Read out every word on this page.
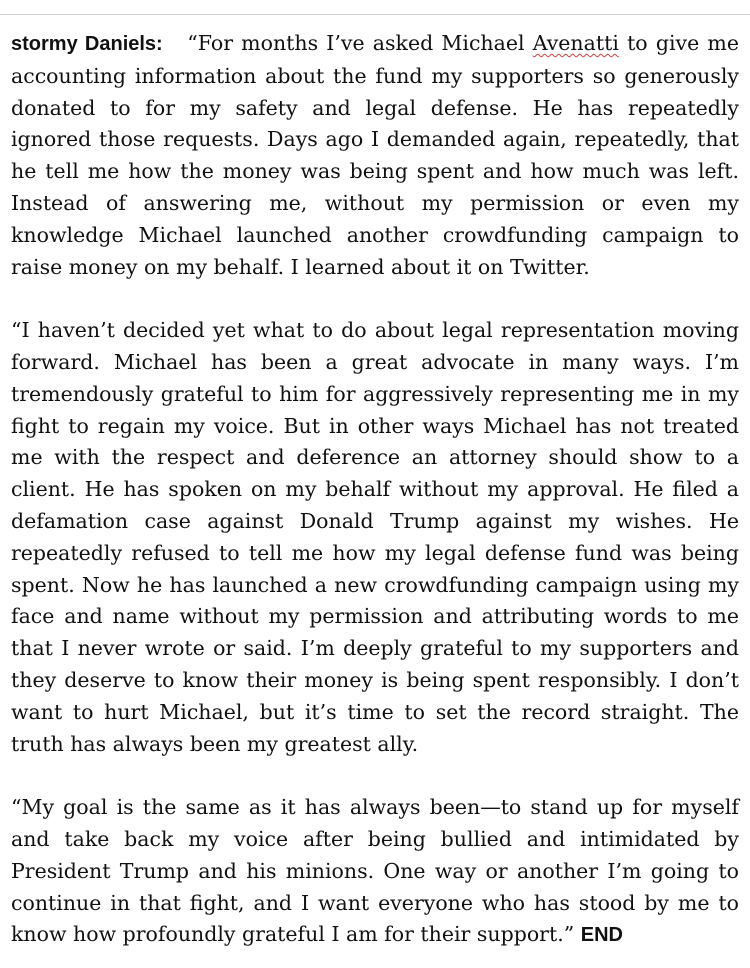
stormy Daniels: “For months I’ve asked Michael Avenatti to give me accounting information about the fund my supporters so generously donated to for my safety and legal defense. He has repeatedly ignored those requests. Days ago I demanded again, repeatedly, that he tell me how the money was being spent and how much was left. Instead of answering me, without my permission or even my knowledge Michael launched another crowdfunding campaign to raise money on my behalf. I learned about it on Twitter.

“I haven’t decided yet what to do about legal representation moving forward. Michael has been a great advocate in many ways. I’m tremendously grateful to him for aggressively representing me in my fight to regain my voice. But in other ways Michael has not treated me with the respect and deference an attorney should show to a client. He has spoken on my behalf without my approval. He filed a defamation case against Donald Trump against my wishes. He repeatedly refused to tell me how my legal defense fund was being spent. Now he has launched a new crowdfunding campaign using my face and name without my permission and attributing words to me that I never wrote or said. I’m deeply grateful to my supporters and they deserve to know their money is being spent responsibly. I don’t want to hurt Michael, but it’s time to set the record straight. The truth has always been my greatest ally.

“My goal is the same as it has always been—to stand up for myself and take back my voice after being bullied and intimidated by President Trump and his minions. One way or another I’m going to continue in that fight, and I want everyone who has stood by me to know how profoundly grateful I am for their support.” END
